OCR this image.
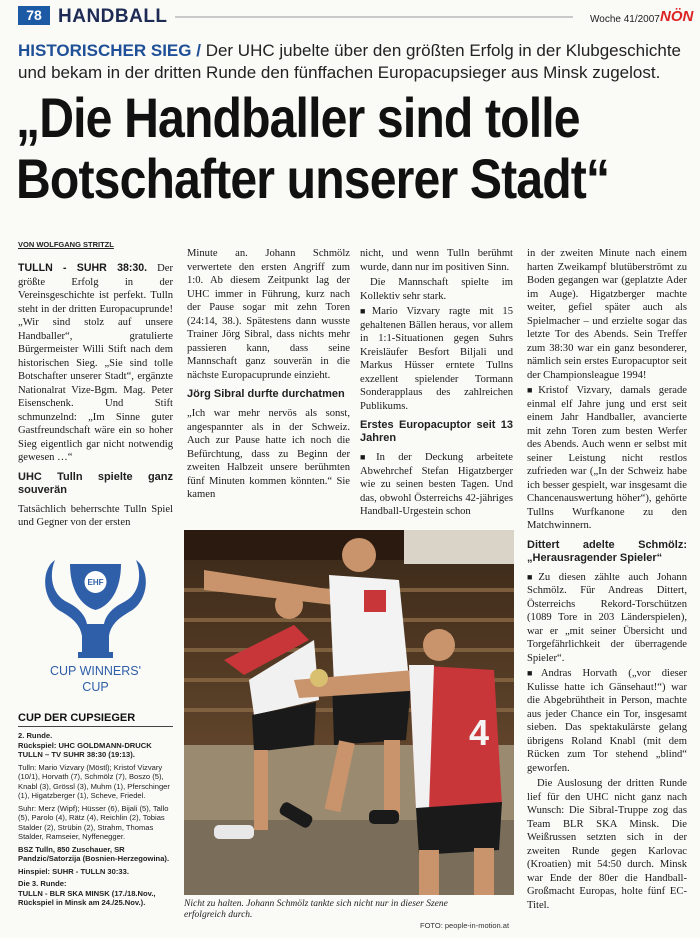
78 HANDBALL	Woche 41/2007 NÖN
HISTORISCHER SIEG / Der UHC jubelte über den größten Erfolg in der Klubgeschichte und bekam in der dritten Runde den fünffachen Europacupsieger aus Minsk zugelost.
„Die Handballer sind tolle
Botschafter unserer Stadt“
VON WOLFGANG STRITZL

TULLN - SUHR 38:30. Der größte Erfolg in der Vereinsgeschichte ist perfekt. Tulln steht in der dritten Europacuprunde! „Wir sind stolz auf unsere Handballer“, gratulierte Bürgermeister Willi Stift nach dem historischen Sieg. „Sie sind tolle Botschafter unserer Stadt“, ergänzte Nationalrat Vize-Bgm. Mag. Peter Eisenschenk. Und Stift schmunzelnd: „Im Sinne guter Gastfreundschaft wäre ein so hoher Sieg eigentlich gar nicht notwendig gewesen …“

UHC Tulln spielte ganz souverän

Tatsächlich beherrschte Tulln Spiel und Gegner von der ersten

EHF
CUP WINNERS'
CUP
CUP DER CUPSIEGER

2. Runde.

Rückspiel: UHC GOLDMANN-DRUCK TULLN – TV SUHR 38:30 (19:13).

Tulln: Mario Vizvary (Möstl); Kristof Vizvary (10/1), Horvath (7), Schmölz (7), Boszo (5), Knabl (3), Grössl (3), Muhm (1), Pferschinger (1), Higatzberger (1), Scheve, Friedel.

Suhr: Merz (Wipf); Hüsser (6), Bijali (5), Tallo (5), Parolo (4), Rätz (4), Reichlin (2), Tobias Stalder (2), Strübin (2), Strahm, Thomas Stalder, Ramseier, Nyffenegger.

BSZ Tulln, 850 Zuschauer, SR Pandzic/Satorzija (Bosnien-Herzegowina).

Hinspiel: SUHR - TULLN 30:33.

Die 3. Runde:

TULLN - BLR SKA MINSK (17./18.Nov., Rückspiel in Minsk am 24./25.Nov.).

Minute an. Johann Schmölz verwertete den ersten Angriff zum 1:0. Ab diesem Zeitpunkt lag der UHC immer in Führung, kurz nach der Pause sogar mit zehn Toren (24:14, 38.). Spätestens dann wusste Trainer Jörg Sibral, dass nichts mehr passieren kann, dass seine Mannschaft ganz souverän in die nächste Europacuprunde einzieht.

Jörg Sibral durfte durchatmen

„Ich war mehr nervös als sonst, angespannter als in der Schweiz. Auch zur Pause hatte ich noch die Befürchtung, dass zu Beginn der zweiten Halbzeit unsere berühmten fünf Minuten kommen könnten.“ Sie kamen

nicht, und wenn Tulln berühmt wurde, dann nur im positiven Sinn.

Die Mannschaft spielte im Kollektiv sehr stark.

■ Mario Vizvary ragte mit 15 gehaltenen Bällen heraus, vor allem in 1:1-Situationen gegen Suhrs Kreisläufer Besfort Biljali und Markus Hüsser erntete Tullns exzellent spielender Tormann Sonderapplaus des zahlreichen Publikums.

Erstes Europacuptor seit 13 Jahren

■ In der Deckung arbeitete Abwehrchef Stefan Higatzberger wie zu seinen besten Tagen. Und das, obwohl Österreichs 42-jähriges Handball-Urgestein schon

in der zweiten Minute nach einem harten Zweikampf blutüberströmt zu Boden gegangen war (geplatzte Ader im Auge). Higatzberger machte weiter, gefiel später auch als Spielmacher – und erzielte sogar das letzte Tor des Abends. Sein Treffer zum 38:30 war ein ganz besonderer, nämlich sein erstes Europacuptor seit der Championsleague 1994!

■ Kristof Vizvary, damals gerade einmal elf Jahre jung und erst seit einem Jahr Handballer, avancierte mit zehn Toren zum besten Werfer des Abends. Auch wenn er selbst mit seiner Leistung nicht restlos zufrieden war („In der Schweiz habe ich besser gespielt, war insgesamt die Chancenauswertung höher“), gehörte Tullns Wurfkanone zu den Matchwinnern.

Dittert adelte Schmölz: „Herausragender Spieler“

■ Zu diesen zählte auch Johann Schmölz. Für Andreas Dittert, Österreichs Rekord-Torschützen (1089 Tore in 203 Länderspielen), war er „mit seiner Übersicht und Torgefährlichkeit der überragende Spieler“.

■ Andras Horvath („vor dieser Kulisse hatte ich Gänsehaut!“) war die Abgebrühtheit in Person, machte aus jeder Chance ein Tor, insgesamt sieben. Das spektakulärste gelang übrigens Roland Knabl (mit dem Rücken zum Tor stehend „blind“ geworfen.

Die Auslosung der dritten Runde lief für den UHC nicht ganz nach Wunsch: Die Sibral-Truppe zog das Team BLR SKA Minsk. Die Weißrussen setzten sich in der zweiten Runde gegen Karlovac (Kroatien) mit 54:50 durch. Minsk war Ende der 80er die Handball-Großmacht Europas, holte fünf EC-Titel.

4
Nicht zu halten. Johann Schmölz tankte sich nicht nur in dieser Szene erfolgreich durch.
FOTO: people-in-motion.at
